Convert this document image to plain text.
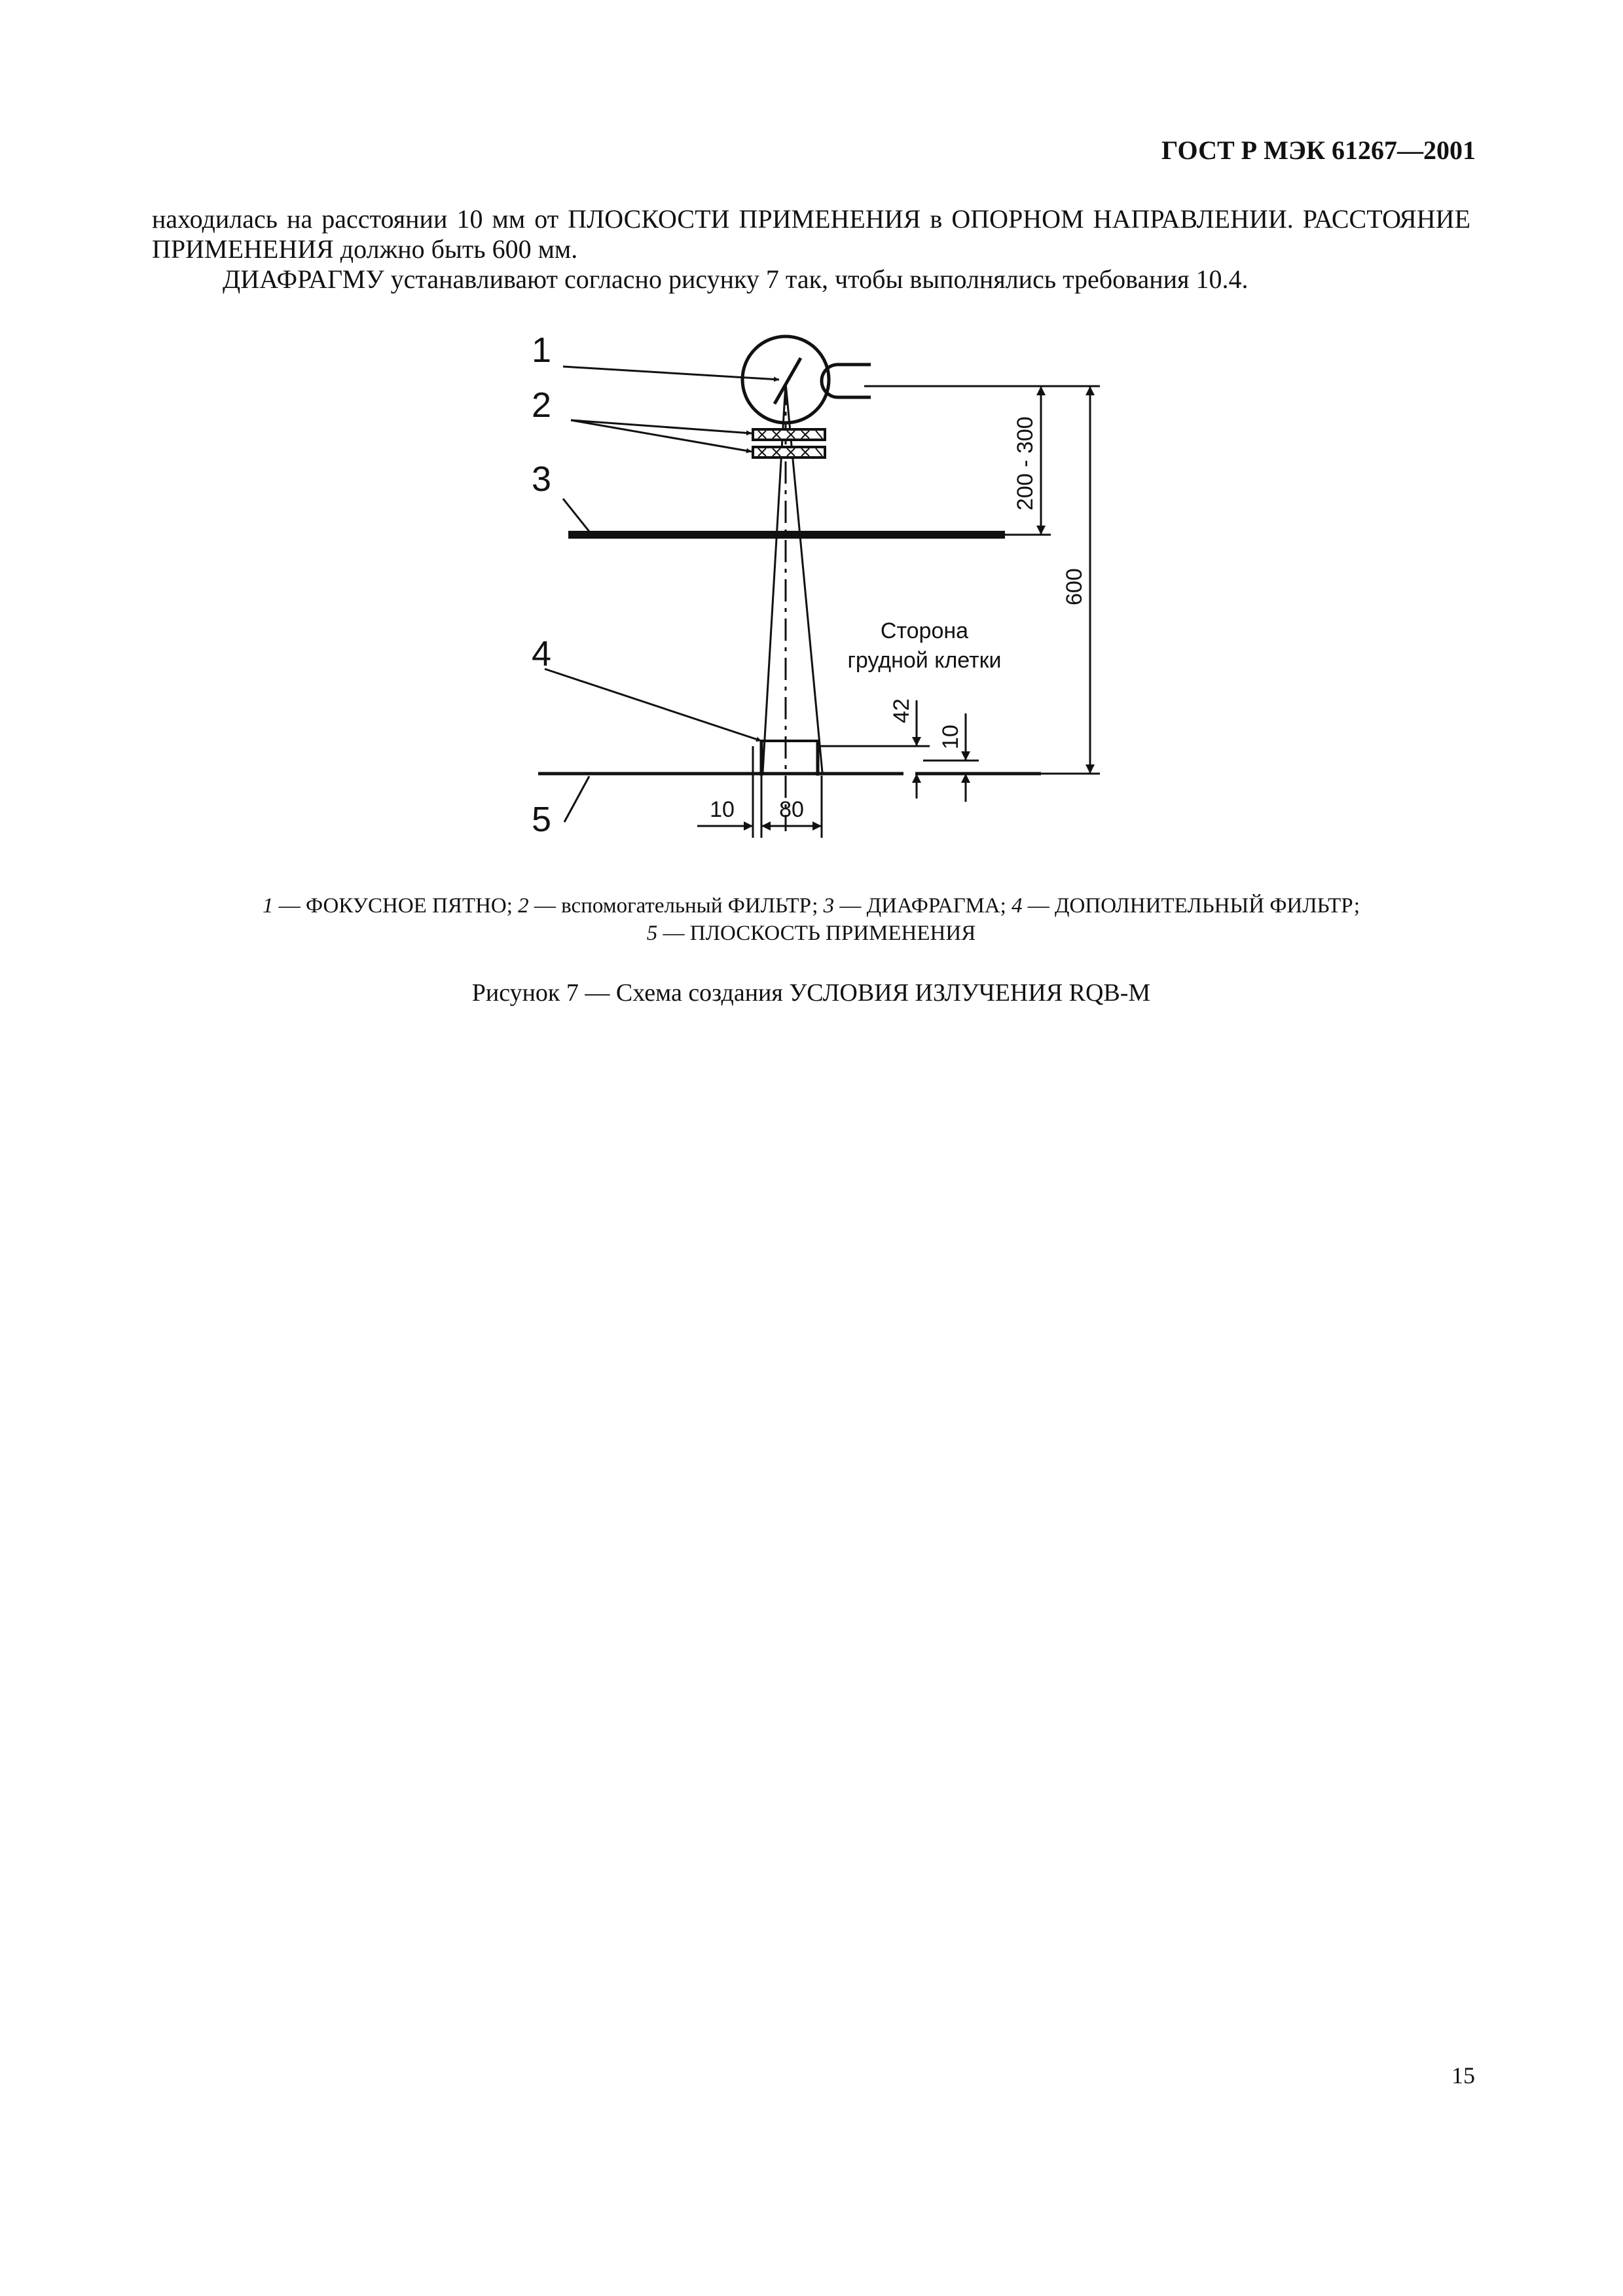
ГОСТ Р МЭК 61267—2001

находилась на расстоянии 10 мм от ПЛОСКОСТИ ПРИМЕНЕНИЯ в ОПОРНОМ НАПРАВЛЕНИИ. РАССТОЯНИЕ ПРИМЕНЕНИЯ должно быть 600 мм.

ДИАФРАГМУ устанавливают согласно рисунку 7 так, чтобы выполнялись требования 10.4.

1
2
3
4
5
200 - 300
600
Сторона
грудной клетки
42
10
10 80
1 — ФОКУСНОЕ ПЯТНО; 2 — вспомогательный ФИЛЬТР; 3 — ДИАФРАГМА; 4 — ДОПОЛНИТЕЛЬНЫЙ ФИЛЬТР;
5 — ПЛОСКОСТЬ ПРИМЕНЕНИЯ
Рисунок 7 — Схема создания УСЛОВИЯ ИЗЛУЧЕНИЯ RQB-M
15
